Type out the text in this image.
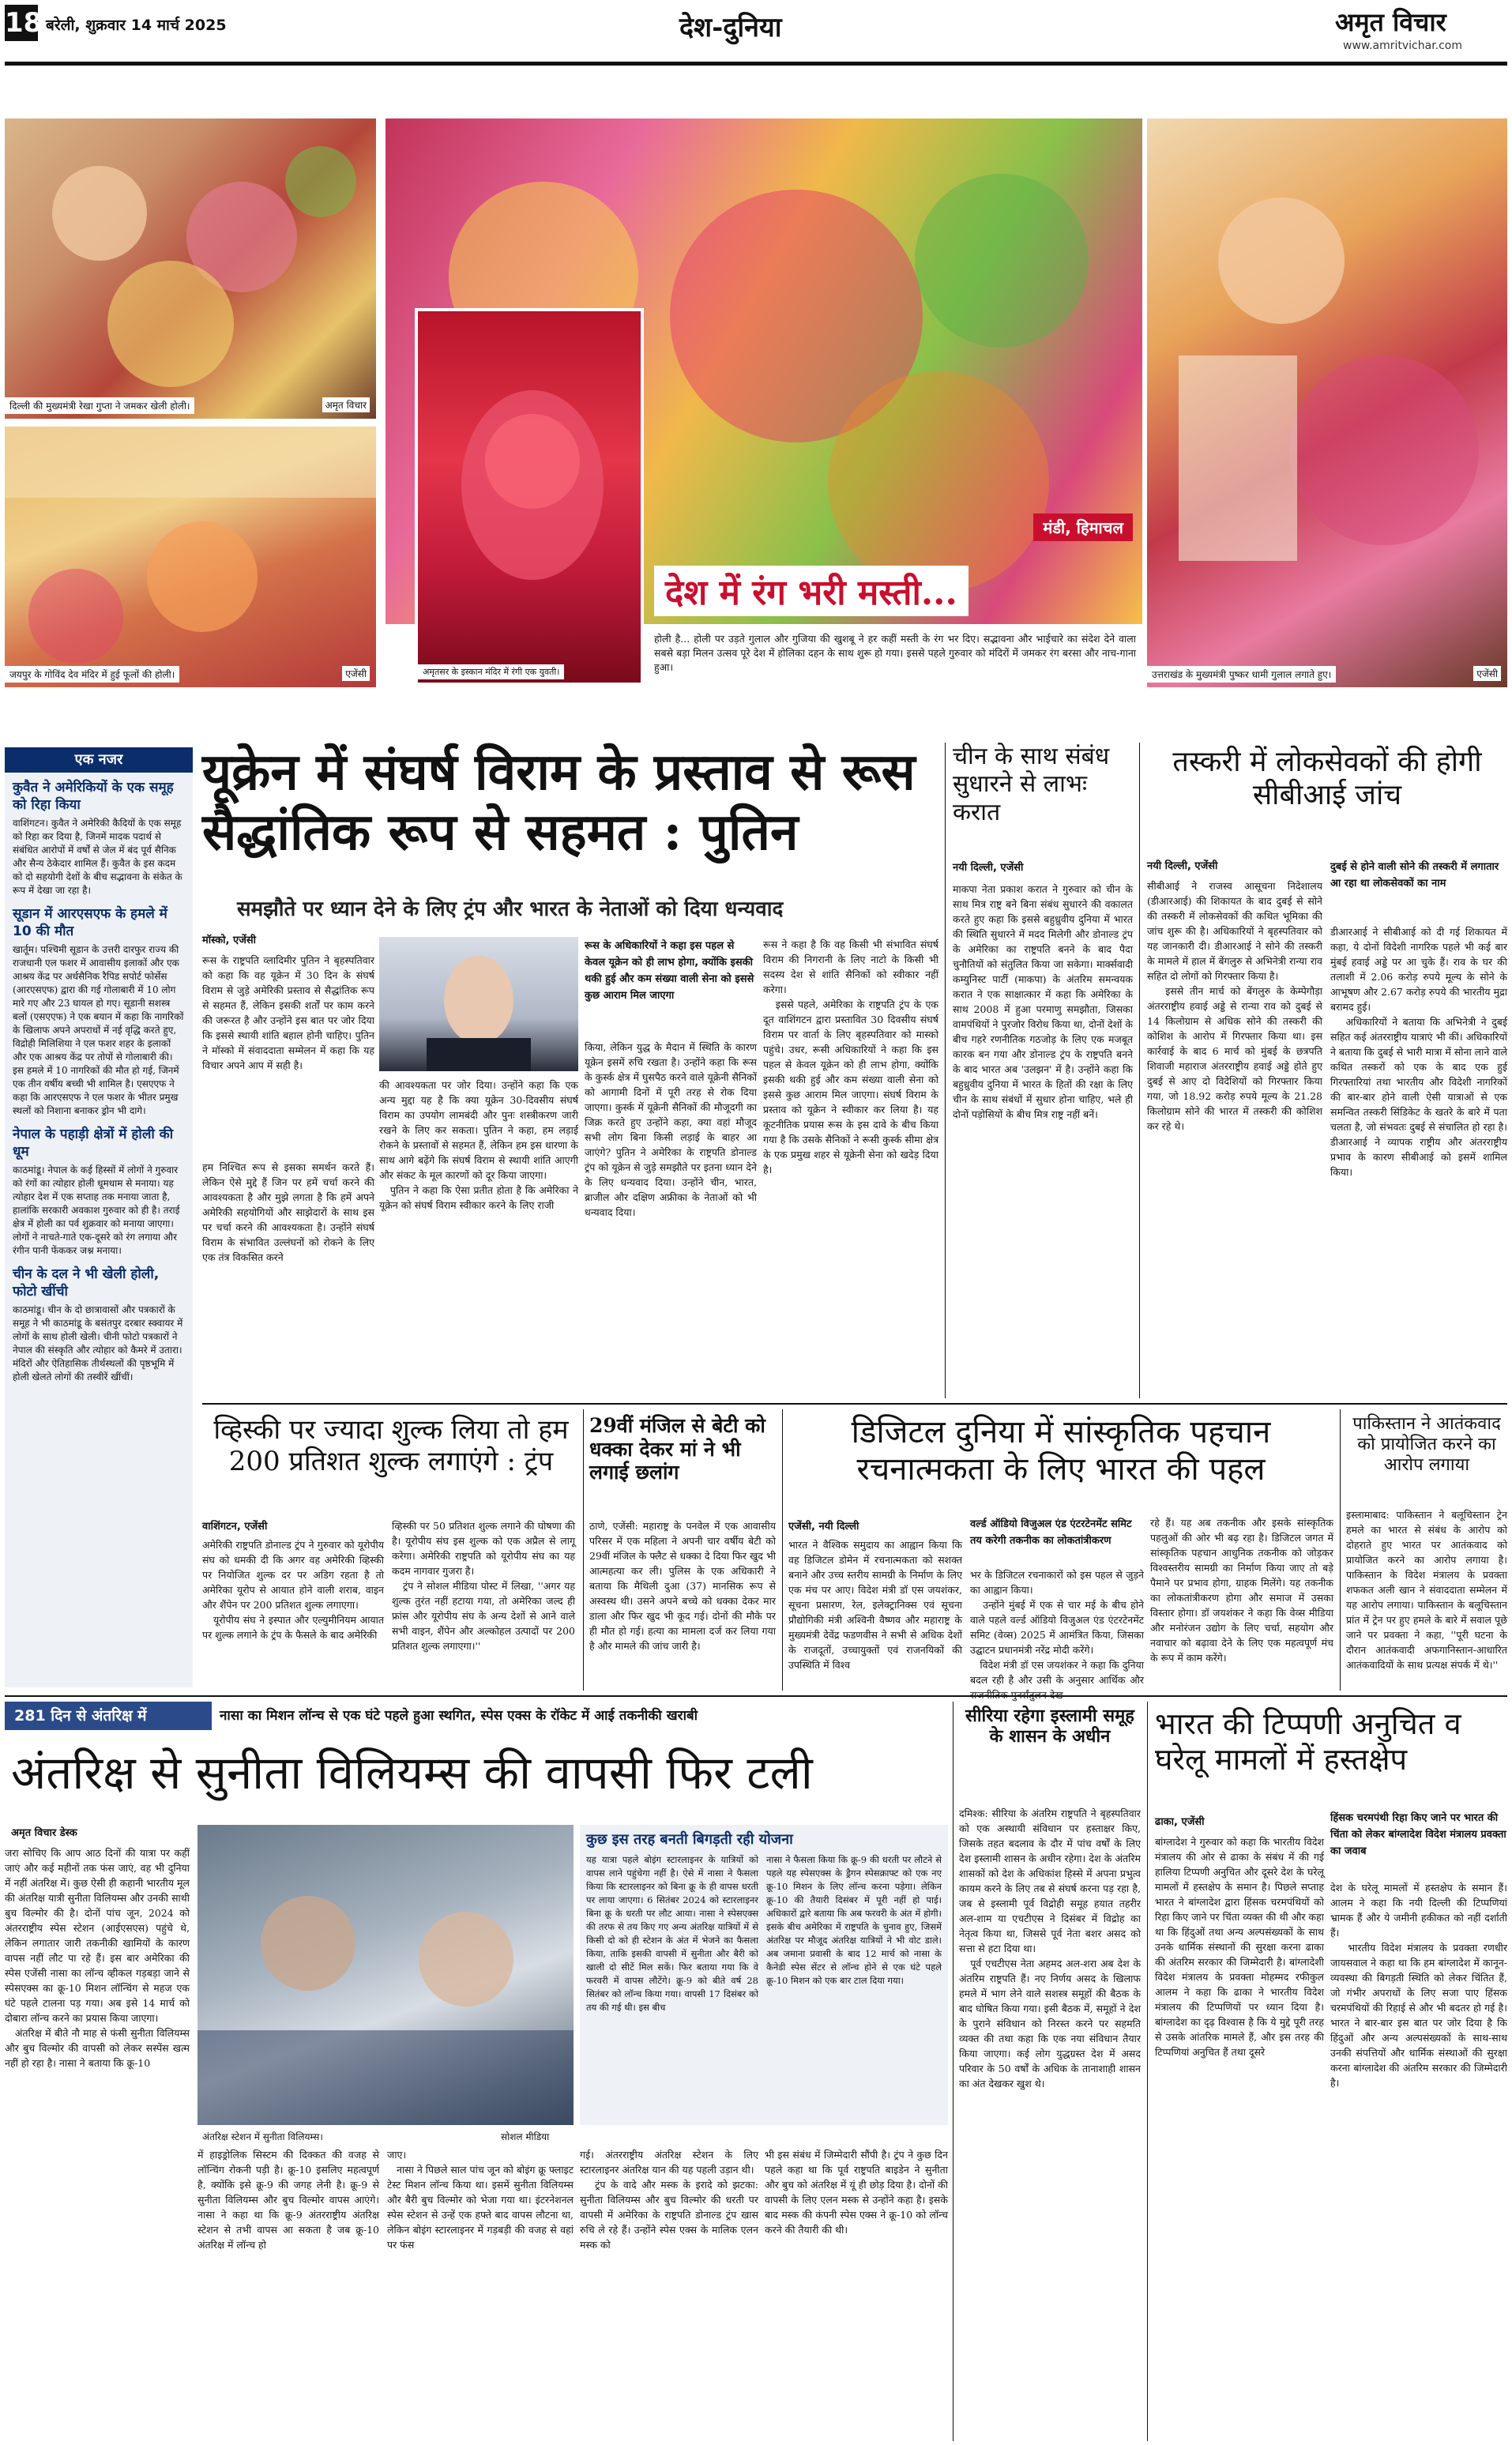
18 बरेली, शुक्रवार 14 मार्च 2025	देश-दुनिया	अमृत विचार
www.amritvichar.com
दिल्ली की मुख्यमंत्री रेखा गुप्ता ने जमकर खेली होली।	अमृत विचार
जयपुर के गोविंद देव मंदिर में हुई फूलों की होली।	एजेंसी
मंडी, हिमाचल
अमृतसर के इस्कान मंदिर में रंगी एक युवती।
देश में रंग भरी मस्ती...
होली है... होली पर उड़ते गुलाल और गुजिया की खुशबू ने हर कहीं मस्ती के रंग भर दिए। सद्भावना और भाईचारे का संदेश देने वाला सबसे बड़ा मिलन उत्सव पूरे देश में होलिका दहन के साथ शुरू हो गया। इससे पहले गुरुवार को मंदिरों में जमकर रंग बरसा और नाच-गाना हुआ।
उत्तराखंड के मुख्यमंत्री पुष्कर धामी गुलाल लगाते हुए।	एजेंसी
एक नजर
कुवैत ने अमेरिकियों के एक समूह को रिहा किया
वाशिंगटन। कुवैत ने अमेरिकी कैदियों के एक समूह को रिहा कर दिया है, जिनमें मादक पदार्थ से संबंधित आरोपों में वर्षों से जेल में बंद पूर्व सैनिक और सैन्य ठेकेदार शामिल हैं। कुवैत के इस कदम को दो सहयोगी देशों के बीच सद्भावना के संकेत के रूप में देखा जा रहा है।
सूडान में आरएसएफ के हमले में 10 की मौत
खार्तूम। पश्चिमी सूडान के उत्तरी दारफुर राज्य की राजधानी एल फशर में आवासीय इलाकों और एक आश्रय केंद्र पर अर्धसैनिक रैपिड सपोर्ट फोर्सेस (आरएसएफ) द्वारा की गई गोलाबारी में 10 लोग मारे गए और 23 घायल हो गए। सूडानी सशस्त्र बलों (एसएएफ) ने एक बयान में कहा कि नागरिकों के खिलाफ अपने अपराधों में नई वृद्धि करते हुए, विद्रोही मिलिशिया ने एल फशर शहर के इलाकों और एक आश्रय केंद्र पर तोपों से गोलाबारी की। इस हमले में 10 नागरिकों की मौत हो गई, जिनमें एक तीन वर्षीय बच्ची भी शामिल है। एसएएफ ने कहा कि आरएसएफ ने एल फशर के भीतर प्रमुख स्थलों को निशाना बनाकर ड्रोन भी दागे।
नेपाल के पहाड़ी क्षेत्रों में होली की धूम
काठमांडू। नेपाल के कई हिस्सों में लोगों ने गुरुवार को रंगों का त्योहार होली धूमधाम से मनाया। यह त्योहार देश में एक सप्ताह तक मनाया जाता है, हालांकि सरकारी अवकाश गुरुवार को ही है। तराई क्षेत्र में होली का पर्व शुक्रवार को मनाया जाएगा। लोगों ने नाचते-गाते एक-दूसरे को रंग लगाया और रंगीन पानी फेंककर जश्न मनाया।
चीन के दल ने भी खेली होली, फोटो खींची
काठमांडू। चीन के दो छात्रावासों और पत्रकारों के समूह ने भी काठमांडू के बसंतपुर दरबार स्क्वायर में लोगों के साथ होली खेली। चीनी फोटो पत्रकारों ने नेपाल की संस्कृति और त्योहार को कैमरे में उतारा। मंदिरों और ऐतिहासिक तीर्थस्थलों की पृष्ठभूमि में होली खेलते लोगों की तस्वीरें खींचीं।
यूक्रेन में संघर्ष विराम के प्रस्ताव से रूस सैद्धांतिक रूप से सहमत : पुतिन
समझौते पर ध्यान देने के लिए ट्रंप और भारत के नेताओं को दिया धन्यवाद
मॉस्को, एजेंसी
रूस के राष्ट्रपति व्लादिमीर पुतिन ने बृहस्पतिवार को कहा कि वह यूक्रेन में 30 दिन के संघर्ष विराम से जुड़े अमेरिकी प्रस्ताव से सैद्धांतिक रूप से सहमत हैं, लेकिन इसकी शर्तों पर काम करने की जरूरत है और उन्होंने इस बात पर जोर दिया कि इससे स्थायी शांति बहाल होनी चाहिए। पुतिन ने मॉस्को में संवाददाता सम्मेलन में कहा कि यह विचार अपने आप में सही है।
हम निश्चित रूप से इसका समर्थन करते हैं। लेकिन ऐसे मुद्दे हैं जिन पर हमें चर्चा करने की आवश्यकता है और मुझे लगता है कि हमें अपने अमेरिकी सहयोगियों और साझेदारों के साथ इस पर चर्चा करने की आवश्यकता है। उन्होंने संघर्ष विराम के संभावित उल्लंघनों को रोकने के लिए एक तंत्र विकसित करने
की आवश्यकता पर जोर दिया। उन्होंने कहा कि एक अन्य मुद्दा यह है कि क्या यूक्रेन 30-दिवसीय संघर्ष विराम का उपयोग लामबंदी और पुनः शस्त्रीकरण जारी रखने के लिए कर सकता। पुतिन ने कहा, हम लड़ाई रोकने के प्रस्तावों से सहमत हैं, लेकिन हम इस धारणा के साथ आगे बढ़ेंगे कि संघर्ष विराम से स्थायी शांति आएगी और संकट के मूल कारणों को दूर किया जाएगा।
पुतिन ने कहा कि ऐसा प्रतीत होता है कि अमेरिका ने यूक्रेन को संघर्ष विराम स्वीकार करने के लिए राजी
रूस के अधिकारियों ने कहा इस पहल से केवल यूक्रेन को ही लाभ होगा, क्योंकि इसकी थकी हुई और कम संख्या वाली सेना को इससे कुछ आराम मिल जाएगा
किया, लेकिन युद्ध के मैदान में स्थिति के कारण यूक्रेन इसमें रुचि रखता है। उन्होंने कहा कि रूस के कुर्स्क क्षेत्र में घुसपैठ करने वाले यूक्रेनी सैनिकों को आगामी दिनों में पूरी तरह से रोक दिया जाएगा। कुर्स्क में यूक्रेनी सैनिकों की मौजूदगी का जिक्र करते हुए उन्होंने कहा, क्या वहां मौजूद सभी लोग बिना किसी लड़ाई के बाहर आ जाएंगे? पुतिन ने अमेरिका के राष्ट्रपति डोनाल्ड ट्रंप को यूक्रेन से जुड़े समझौते पर इतना ध्यान देने के लिए धन्यवाद दिया। उन्होंने चीन, भारत, ब्राजील और दक्षिण अफ्रीका के नेताओं को भी धन्यवाद दिया।
रूस ने कहा है कि वह किसी भी संभावित संघर्ष विराम की निगरानी के लिए नाटो के किसी भी सदस्य देश से शांति सैनिकों को स्वीकार नहीं करेगा।
इससे पहले, अमेरिका के राष्ट्रपति ट्रंप के एक दूत वाशिंगटन द्वारा प्रस्तावित 30 दिवसीय संघर्ष विराम पर वार्ता के लिए बृहस्पतिवार को मास्को पहुंचे। उधर, रूसी अधिकारियों ने कहा कि इस पहल से केवल यूक्रेन को ही लाभ होगा, क्योंकि इसकी थकी हुई और कम संख्या वाली सेना को इससे कुछ आराम मिल जाएगा। संघर्ष विराम के प्रस्ताव को यूक्रेन ने स्वीकार कर लिया है। यह कूटनीतिक प्रयास रूस के इस दावे के बीच किया गया है कि उसके सैनिकों ने रूसी कुर्स्क सीमा क्षेत्र के एक प्रमुख शहर से यूक्रेनी सेना को खदेड़ दिया है।
चीन के साथ संबंध सुधारने से लाभः करात
नयी दिल्ली, एजेंसी
माकपा नेता प्रकाश करात ने गुरुवार को चीन के साथ मित्र राष्ट्र बने बिना संबंध सुधारने की वकालत करते हुए कहा कि इससे बहुध्रुवीय दुनिया में भारत की स्थिति सुधारने में मदद मिलेगी और डोनाल्ड ट्रंप के अमेरिका का राष्ट्रपति बनने के बाद पैदा चुनौतियों को संतुलित किया जा सकेगा। मार्क्सवादी कम्युनिस्ट पार्टी (माकपा) के अंतरिम समन्वयक करात ने एक साक्षात्कार में कहा कि अमेरिका के साथ 2008 में हुआ परमाणु समझौता, जिसका वामपंथियों ने पुरजोर विरोध किया था, दोनों देशों के बीच गहरे रणनीतिक गठजोड़ के लिए एक मजबूत कारक बन गया और डोनाल्ड ट्रंप के राष्ट्रपति बनने के बाद भारत अब 'उलझन' में है। उन्होंने कहा कि बहुध्रुवीय दुनिया में भारत के हितों की रक्षा के लिए चीन के साथ संबंधों में सुधार होना चाहिए, भले ही दोनों पड़ोसियों के बीच मित्र राष्ट्र नहीं बनें।
तस्करी में लोकसेवकों की होगी सीबीआई जांच
नयी दिल्ली, एजेंसी
सीबीआई ने राजस्व आसूचना निदेशालय (डीआरआई) की शिकायत के बाद दुबई से सोने की तस्करी में लोकसेवकों की कथित भूमिका की जांच शुरू की है। अधिकारियों ने बृहस्पतिवार को यह जानकारी दी। डीआरआई ने सोने की तस्करी के मामले में हाल में बेंगलुरु से अभिनेत्री रान्या राव सहित दो लोगों को गिरफ्तार किया है।
इससे तीन मार्च को बेंगलुरु के केम्पेगौड़ा अंतरराष्ट्रीय हवाई अड्डे से रान्या राव को दुबई से 14 किलोग्राम से अधिक सोने की तस्करी की कोशिश के आरोप में गिरफ्तार किया था। इस कार्रवाई के बाद 6 मार्च को मुंबई के छत्रपति शिवाजी महाराज अंतरराष्ट्रीय हवाई अड्डे होते हुए दुबई से आए दो विदेशियों को गिरफ्तार किया गया, जो 18.92 करोड़ रुपये मूल्य के 21.28 किलोग्राम सोने की भारत में तस्करी की कोशिश कर रहे थे।
दुबई से होने वाली सोने की तस्करी में लगातार आ रहा था लोकसेवकों का नाम
डीआरआई ने सीबीआई को दी गई शिकायत में कहा, ये दोनों विदेशी नागरिक पहले भी कई बार मुंबई हवाई अड्डे पर आ चुके हैं। राव के घर की तलाशी में 2.06 करोड़ रुपये मूल्य के सोने के आभूषण और 2.67 करोड़ रुपये की भारतीय मुद्रा बरामद हुई।
अधिकारियों ने बताया कि अभिनेत्री ने दुबई सहित कई अंतरराष्ट्रीय यात्राएं भी कीं। अधिकारियों ने बताया कि दुबई से भारी मात्रा में सोना लाने वाले कथित तस्करों को एक के बाद एक हुई गिरफ्तारियां तथा भारतीय और विदेशी नागरिकों की बार-बार होने वाली ऐसी यात्राओं से एक समन्वित तस्करी सिंडिकेट के खतरे के बारे में पता चलता है, जो संभवतः दुबई से संचालित हो रहा है। डीआरआई ने व्यापक राष्ट्रीय और अंतरराष्ट्रीय प्रभाव के कारण सीबीआई को इसमें शामिल किया।
व्हिस्की पर ज्यादा शुल्क लिया तो हम 200 प्रतिशत शुल्क लगाएंगे : ट्रंप
वाशिंगटन, एजेंसी
अमेरिकी राष्ट्रपति डोनाल्ड ट्रंप ने गुरुवार को यूरोपीय संघ को धमकी दी कि अगर वह अमेरिकी व्हिस्की पर नियोजित शुल्क दर पर अडिग रहता है तो अमेरिका यूरोप से आयात होने वाली शराब, वाइन और शैंपेन पर 200 प्रतिशत शुल्क लगाएगा।
यूरोपीय संघ ने इस्पात और एल्युमीनियम आयात पर शुल्क लगाने के ट्रंप के फैसले के बाद अमेरिकी
व्हिस्की पर 50 प्रतिशत शुल्क लगाने की घोषणा की है। यूरोपीय संघ इस शुल्क को एक अप्रैल से लागू करेगा। अमेरिकी राष्ट्रपति को यूरोपीय संघ का यह कदम नागवार गुजरा है।
ट्रंप ने सोशल मीडिया पोस्ट में लिखा, ''अगर यह शुल्क तुरंत नहीं हटाया गया, तो अमेरिका जल्द ही फ्रांस और यूरोपीय संघ के अन्य देशों से आने वाले सभी वाइन, शैंपेन और अल्कोहल उत्पादों पर 200 प्रतिशत शुल्क लगाएगा।''
29वीं मंजिल से बेटी को धक्का देकर मां ने भी लगाई छलांग
ठाणे, एजेंसी: महाराष्ट्र के पनवेल में एक आवासीय परिसर में एक महिला ने अपनी चार वर्षीय बेटी को 29वीं मंजिल के फ्लैट से धक्का दे दिया फिर खुद भी आत्महत्या कर ली। पुलिस के एक अधिकारी ने बताया कि मैथिली दुआ (37) मानसिक रूप से अस्वस्थ थी। उसने अपने बच्चे को धक्का देकर मार डाला और फिर खुद भी कूद गई। दोनों की मौके पर ही मौत हो गई। हत्या का मामला दर्ज कर लिया गया है और मामले की जांच जारी है।
डिजिटल दुनिया में सांस्कृतिक पहचान रचनात्मकता के लिए भारत की पहल
एजेंसी, नयी दिल्ली
भारत ने वैश्विक समुदाय का आह्वान किया कि वह डिजिटल डोमेन में रचनात्मकता को सशक्त बनाने और उच्च स्तरीय सामग्री के निर्माण के लिए एक मंच पर आए। विदेश मंत्री डॉ एस जयशंकर, सूचना प्रसारण, रेल, इलेक्ट्रानिक्स एवं सूचना प्रौद्योगिकी मंत्री अश्विनी वैष्णव और महाराष्ट्र के मुख्यमंत्री देवेंद्र फडणवीस ने सभी से अधिक देशों के राजदूतों, उच्चायुक्तों एवं राजनयिकों की उपस्थिति में विश्व
वर्ल्ड ऑडियो विजुअल एंड एंटरटेनमेंट समिट तय करेगी तकनीक का लोकतांत्रीकरण
भर के डिजिटल रचनाकारों को इस पहल से जुड़ने का आह्वान किया।
उन्होंने मुंबई में एक से चार मई के बीच होने वाले पहले वर्ल्ड ऑडियो विजुअल एंड एंटरटेनमेंट समिट (वेव्स) 2025 में आमंत्रित किया, जिसका उद्घाटन प्रधानमंत्री नरेंद्र मोदी करेंगे।
विदेश मंत्री डॉ एस जयशंकर ने कहा कि दुनिया बदल रही है और उसी के अनुसार आर्थिक और
रहे हैं। यह अब तकनीक और इसके सांस्कृतिक पहलुओं की ओर भी बढ़ रहा है। डिजिटल जगत में सांस्कृतिक पहचान आधुनिक तकनीक को जोड़कर विश्वस्तरीय सामग्री का निर्माण किया जाए तो बड़े पैमाने पर प्रभाव होगा, ग्राहक मिलेंगे। यह तकनीक का लोकतांत्रीकरण होगा और समाज में उसका विस्तार होगा। डॉ जयशंकर ने कहा कि वेव्स मीडिया और मनोरंजन उद्योग के लिए चर्चा, सहयोग और नवाचार को बढ़ावा देने के लिए एक महत्वपूर्ण मंच के रूप में काम करेंगे।
पाकिस्तान ने आतंकवाद को प्रायोजित करने का आरोप लगाया
इस्लामाबाद: पाकिस्तान ने बलूचिस्तान ट्रेन हमले का भारत से संबंध के आरोप को दोहराते हुए भारत पर आतंकवाद को प्रायोजित करने का आरोप लगाया है। पाकिस्तान के विदेश मंत्रालय के प्रवक्ता शफकत अली खान ने संवाददाता सम्मेलन में यह आरोप लगाया। पाकिस्तान के बलूचिस्तान प्रांत में ट्रेन पर हुए हमले के बारे में सवाल पूछे जाने पर प्रवक्ता ने कहा, ''पूरी घटना के दौरान आतंकवादी अफगानिस्तान-आधारित आतंकवादियों के साथ प्रत्यक्ष संपर्क में थे।''
281 दिन से अंतरिक्ष में	नासा का मिशन लॉन्च से एक घंटे पहले हुआ स्थगित, स्पेस एक्स के रॉकेट में आई तकनीकी खराबी
अंतरिक्ष से सुनीता विलियम्स की वापसी फिर टली
अमृत विचार डेस्क
जरा सोचिए कि आप आठ दिनों की यात्रा पर कहीं जाएं और कई महीनों तक फंस जाएं, वह भी दुनिया में नहीं अंतरिक्ष में। कुछ ऐसी ही कहानी भारतीय मूल की अंतरिक्ष यात्री सुनीता विलियम्स और उनकी साथी बुच विल्मोर की है। दोनों पांच जून, 2024 को अंतरराष्ट्रीय स्पेस स्टेशन (आईएसएस) पहुंचे थे, लेकिन लगातार जारी तकनीकी खामियों के कारण वापस नहीं लौट पा रहे हैं। इस बार अमेरिका की स्पेस एजेंसी नासा का लॉन्च व्हीकल गड़बड़ा जाने से स्पेसएक्स का क्रू-10 मिशन लॉन्चिंग से महज एक घंटे पहले टालना पड़ गया। अब इसे 14 मार्च को दोबारा लॉन्च करने का प्रयास किया जाएगा।
अंतरिक्ष में बीते नौ माह से फंसी सुनीता विलियम्स और बुच विल्मोर की वापसी को लेकर सस्पेंस खत्म नहीं हो रहा है। नासा ने बताया कि क्रू-10
अंतरिक्ष स्टेशन में सुनीता विलियम्स।	सोशल मीडिया
कुछ इस तरह बनती बिगड़ती रही योजना
यह यात्रा पहले बोइंग स्टारलाइनर के यात्रियों को वापस लाने पहुंचेगा नहीं है। ऐसे में नासा ने फैसला किया कि स्टारलाइनर को बिना क्रू के ही वापस धरती पर लाया जाएगा। 6 सितंबर 2024 को स्टारलाइनर बिना क्रू के धरती पर लौट आया। नासा ने स्पेसएक्स की तरफ से तय किए गए अन्य अंतरिक्ष यात्रियों में से किसी दो को ही स्टेशन के अंत में भेजने का फैसला किया, ताकि इसकी वापसी में सुनीता और बैरी को खाली दो सीटें मिल सकें। फिर बताया गया कि वे फरवरी में वापस लौटेंगे। क्रू-9 को बीते वर्ष 28 सितंबर को लॉन्च किया गया। वापसी 17 दिसंबर को तय की गई थी। इस बीच
नासा ने फैसला किया कि क्रू-9 की धरती पर लौटने से पहले यह स्पेसएक्स के ड्रैगन स्पेसक्राफ्ट को एक नए क्रू-10 मिशन के लिए लॉन्च करना पड़ेगा। लेकिन क्रू-10 की तैयारी दिसंबर में पूरी नहीं हो पाई। अधिकारों द्वारे बताया कि अब फरवरी के अंत में होगी। इसके बीच अमेरिका में राष्ट्रपति के चुनाव हुए, जिसमें अंतरिक्ष पर मौजूद अंतरिक्ष यात्रियों ने भी वोट डाले। अब जमाना प्रवासी के बाद 12 मार्च को नासा के कैनेडी स्पेस सेंटर से लॉन्च होने से एक घंटे पहले क्रू-10 मिशन को एक बार टाल दिया गया।
में हाइड्रोलिक सिस्टम की दिक्कत की वजह से लॉन्चिंग रोकनी पड़ी है। क्रू-10 इसलिए महत्वपूर्ण है, क्योंकि इसे क्रू-9 की जगह लेनी है। क्रू-9 से सुनीता विलियम्स और बुच विल्मोर वापस आएंगे। नासा ने कहा था कि क्रू-9 अंतरराष्ट्रीय अंतरिक्ष स्टेशन से तभी वापस आ सकता है जब क्रू-10 अंतरिक्ष में लॉन्च हो
जाए।
नासा ने पिछले साल पांच जून को बोइंग क्रू फ्लाइट टेस्ट मिशन लॉन्च किया था। इसमें सुनीता विलियम्स और बैरी बुच विल्मोर को भेजा गया था। इंटरनेशनल स्पेस स्टेशन से उन्हें एक हफ्ते बाद वापस लौटना था, लेकिन बोइंग स्टारलाइनर में गड़बड़ी की वजह से वहां पर फंस
गई। अंतरराष्ट्रीय अंतरिक्ष स्टेशन के लिए स्टारलाइनर अंतरिक्ष यान की यह पहली उड़ान थी।
ट्रंप के वादे और मस्क के इरादे को झटका: सुनीता विलियम्स और बुच विल्मोर की धरती पर वापसी में अमेरिका के राष्ट्रपति डोनाल्ड ट्रंप खास रुचि ले रहे हैं। उन्होंने स्पेस एक्स के मालिक एलन मस्क को
भी इस संबंध में जिम्मेदारी सौंपी है। ट्रंप ने कुछ दिन पहले कहा था कि पूर्व राष्ट्रपति बाइडेन ने सुनीता और बुच को अंतरिक्ष में यूं ही छोड़ दिया है। दोनों की वापसी के लिए एलन मस्क से उन्होंने कहा है। इसके बाद मस्क की कंपनी स्पेस एक्स ने क्रू-10 को लॉन्च करने की तैयारी की थी।
सीरिया रहेगा इस्लामी समूह के शासन के अधीन
दमिश्क: सीरिया के अंतरिम राष्ट्रपति ने बृहस्पतिवार को एक अस्थायी संविधान पर हस्ताक्षर किए, जिसके तहत बदलाव के दौर में पांच वर्षों के लिए देश इस्लामी शासन के अधीन रहेगा। देश के अंतरिम शासकों को देश के अधिकांश हिस्से में अपना प्रभुत्व कायम करने के लिए तब से संघर्ष करना पड़ रहा है, जब से इस्लामी पूर्व विद्रोही समूह हयात तहरीर अल-शाम या एचटीएस ने दिसंबर में विद्रोह का नेतृत्व किया था, जिससे पूर्व नेता बशर असद को सत्ता से हटा दिया था।
पूर्व एचटीएस नेता अहमद अल-शरा अब देश के अंतरिम राष्ट्रपति हैं। नए निर्णय असद के खिलाफ हमले में भाग लेने वाले सशस्त्र समूहों की बैठक के बाद घोषित किया गया। इसी बैठक में, समूहों ने देश के पुराने संविधान को निरस्त करने पर सहमति व्यक्त की तथा कहा कि एक नया संविधान तैयार किया जाएगा। कई लोग युद्धग्रस्त देश में असद परिवार के 50 वर्षों के अधिक के तानाशाही शासन का अंत देखकर खुश थे।
भारत की टिप्पणी अनुचित व घरेलू मामलों में हस्तक्षेप
ढाका, एजेंसी	हिंसक चरमपंथी रिहा किए जाने पर भारत की चिंता को लेकर बांग्लादेश विदेश मंत्रालय प्रवक्ता का जवाब
बांग्लादेश ने गुरुवार को कहा कि भारतीय विदेश मंत्रालय की ओर से ढाका के संबंध में की गई हालिया टिप्पणी अनुचित और दूसरे देश के घरेलू मामलों में हस्तक्षेप के समान है। पिछले सप्ताह भारत ने बांग्लादेश द्वारा हिंसक चरमपंथियों को रिहा किए जाने पर चिंता व्यक्त की थी और कहा था कि हिंदुओं तथा अन्य अल्पसंख्यकों के साथ उनके धार्मिक संस्थानों की सुरक्षा करना ढाका की अंतरिम सरकार की जिम्मेदारी है। बांग्लादेशी विदेश मंत्रालय के प्रवक्ता मोहम्मद रफीकुल आलम ने कहा कि ढाका ने भारतीय विदेश मंत्रालय की टिप्पणियों पर ध्यान दिया है। बांग्लादेश का दृढ़ विश्वास है कि ये मुद्दे पूरी तरह से उसके आंतरिक मामले हैं, और इस तरह की टिप्पणियां अनुचित हैं तथा दूसरे
देश के घरेलू मामलों में हस्तक्षेप के समान हैं। आलम ने कहा कि नयी दिल्ली की टिप्पणियां भ्रामक हैं और ये जमीनी हकीकत को नहीं दर्शाती हैं।
भारतीय विदेश मंत्रालय के प्रवक्ता रणधीर जायसवाल ने कहा था कि हम बांग्लादेश में कानून-व्यवस्था की बिगड़ती स्थिति को लेकर चिंतित हैं, जो गंभीर अपराधों के लिए सजा पाए हिंसक चरमपंथियों की रिहाई से और भी बदतर हो गई है। भारत ने बार-बार इस बात पर जोर दिया है कि हिंदुओं और अन्य अल्पसंख्यकों के साथ-साथ उनकी संपत्तियों और धार्मिक संस्थाओं की सुरक्षा करना बांग्लादेश की अंतरिम सरकार की जिम्मेदारी है।
